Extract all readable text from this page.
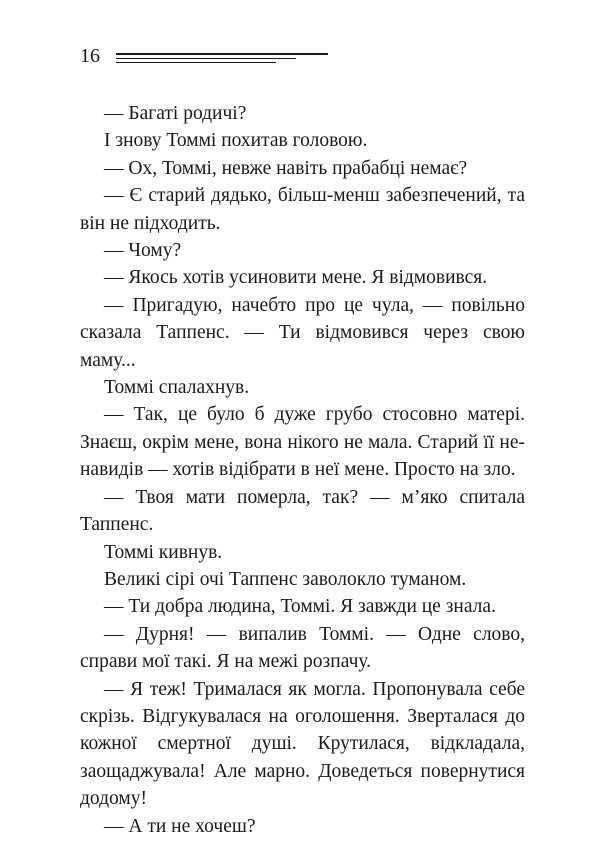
16

— Багаті родичі?

І знову Томмі похитав головою.

— Ох, Томмі, невже навіть прабабці немає?

— Є старий дядько, більш-менш забезпечений, та він не підходить.

— Чому?

— Якось хотів усиновити мене. Я відмовився.

— Пригадую, начебто про це чула, — повільно сказала Таппенс. — Ти відмовився через свою маму...

Томмі спалахнув.

— Так, це було б дуже грубо стосовно матері. Знаєш, окрім мене, вона нікого не мала. Старий її ненавидів — хотів відібрати в неї мене. Просто на зло.

— Твоя мати померла, так? — м’яко спитала Таппенс.

Томмі кивнув.

Великі сірі очі Таппенс заволокло туманом.

— Ти добра людина, Томмі. Я завжди це знала.

— Дурня! — випалив Томмі. — Одне слово, справи мої такі. Я на межі розпачу.

— Я теж! Трималася як могла. Пропонувала себе скрізь. Відгукувалася на оголошення. Зверталася до кожної смертної душі. Крутилася, відкладала, заощаджувала! Але марно. Доведеться повернутися додому!

— А ти не хочеш?
